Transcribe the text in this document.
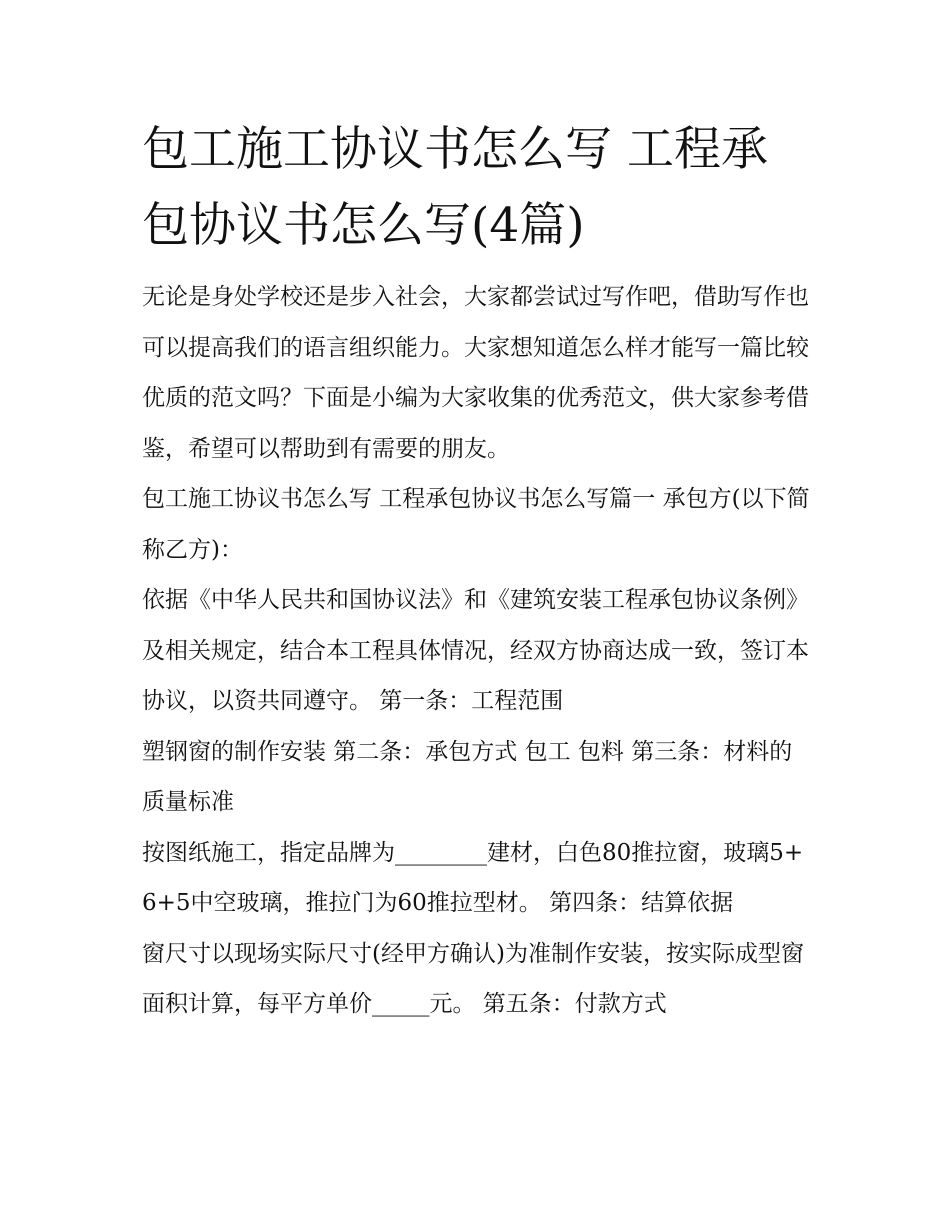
包工施工协议书怎么写 工程承包协议书怎么写(4篇)

无论是身处学校还是步入社会，大家都尝试过写作吧，借助写作也可以提高我们的语言组织能力。大家想知道怎么样才能写一篇比较优质的范文吗？下面是小编为大家收集的优秀范文，供大家参考借鉴，希望可以帮助到有需要的朋友。

包工施工协议书怎么写 工程承包协议书怎么写篇一 承包方(以下简称乙方)：

依据《中华人民共和国协议法》和《建筑安装工程承包协议条例》及相关规定，结合本工程具体情况，经双方协商达成一致，签订本协议，以资共同遵守。 第一条：工程范围

塑钢窗的制作安装 第二条：承包方式 包工 包料 第三条：材料的质量标准

按图纸施工，指定品牌为________建材，白色80推拉窗，玻璃5+6+5中空玻璃，推拉门为60推拉型材。 第四条：结算依据

窗尺寸以现场实际尺寸(经甲方确认)为准制作安装，按实际成型窗面积计算，每平方单价_____元。 第五条：付款方式
